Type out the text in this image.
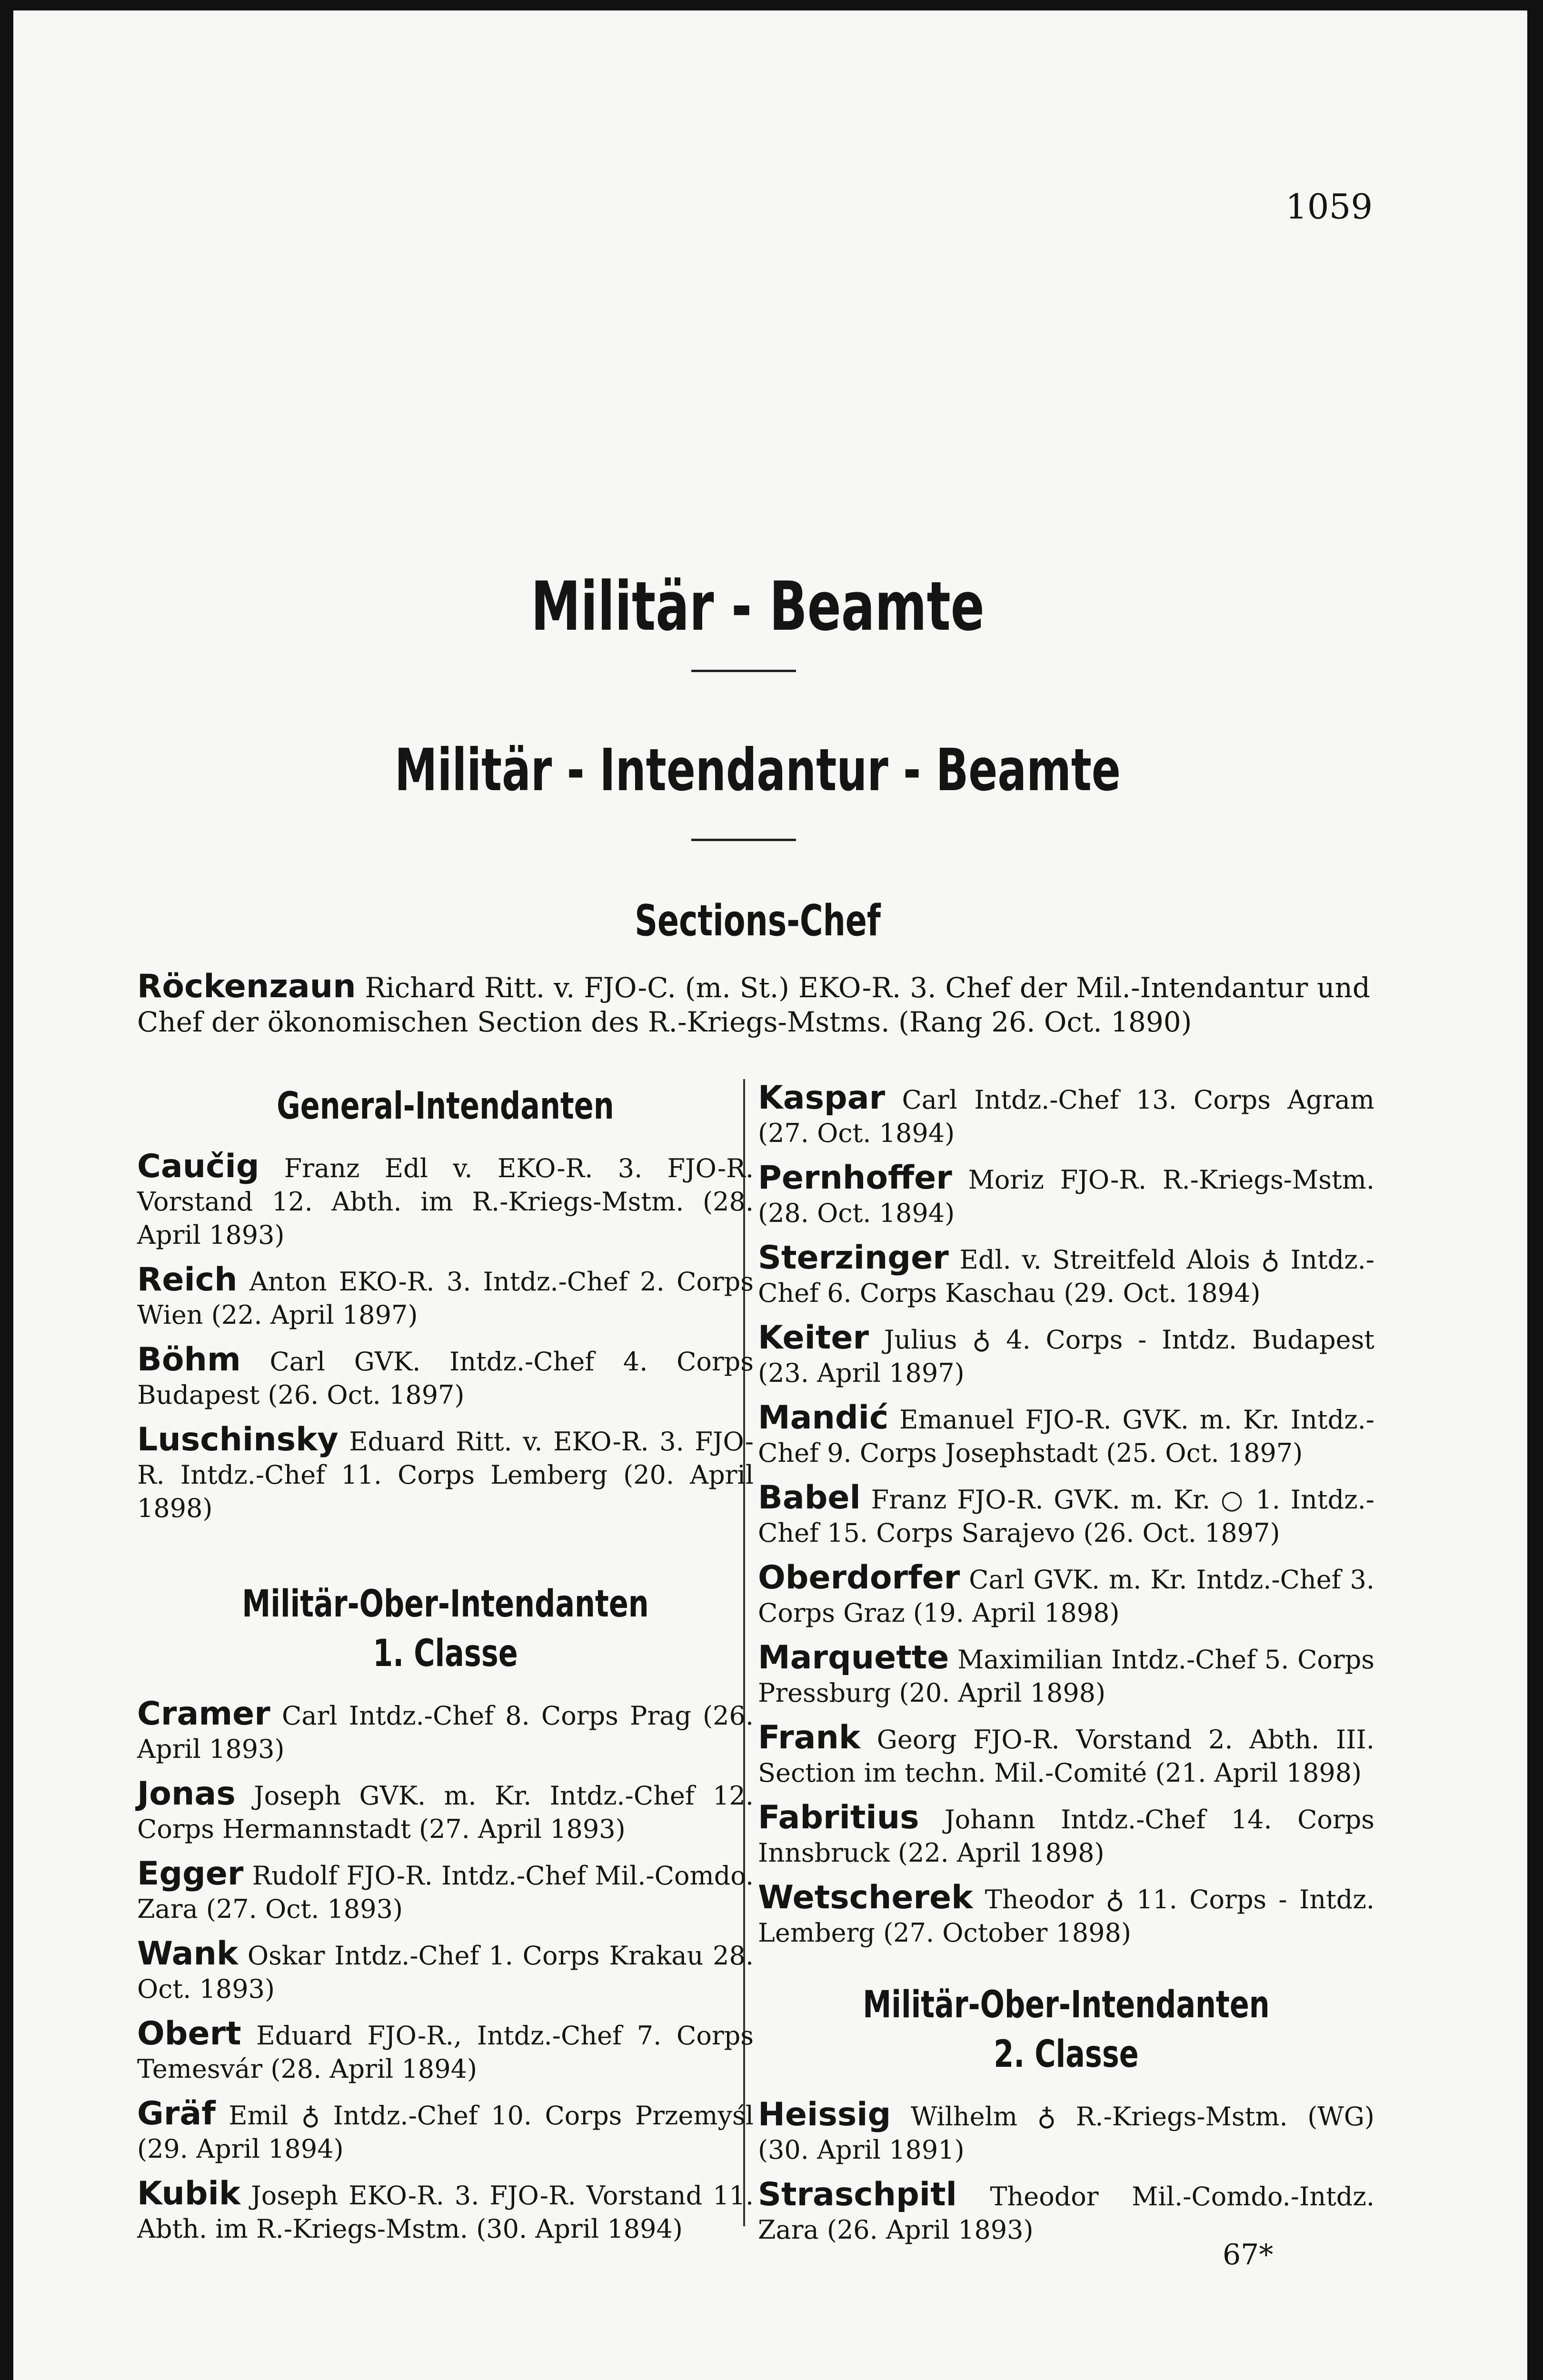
1059
Militär - Beamte
Militär - Intendantur - Beamte
Sections-Chef
Röckenzaun Richard Ritt. v. FJO-C. (m. St.) EKO-R. 3. Chef der Mil.-Intendantur und Chef der ökonomischen Section des R.-Kriegs-Mstms. (Rang 26. Oct. 1890)
General-Intendanten
Caučig Franz Edl v. EKO-R. 3. FJO-R. Vorstand 12. Abth. im R.-Kriegs-Mstm. (28. April 1893)
Reich Anton EKO-R. 3. Intdz.-Chef 2. Corps Wien (22. April 1897)
Böhm Carl GVK. Intdz.-Chef 4. Corps Budapest (26. Oct. 1897)
Luschinsky Eduard Ritt. v. EKO-R. 3. FJO-R. Intdz.-Chef 11. Corps Lemberg (20. April 1898)
Militär-Ober-Intendanten
1. Classe
Cramer Carl Intdz.-Chef 8. Corps Prag (26. April 1893)
Jonas Joseph GVK. m. Kr. Intdz.-Chef 12. Corps Hermannstadt (27. April 1893)
Egger Rudolf FJO-R. Intdz.-Chef Mil.-Comdo. Zara (27. Oct. 1893)
Wank Oskar Intdz.-Chef 1. Corps Krakau 28. Oct. 1893)
Obert Eduard FJO-R., Intdz.-Chef 7. Corps Temesvár (28. April 1894)
Gräf Emil ♁ Intdz.-Chef 10. Corps Przemyśl (29. April 1894)
Kubik Joseph EKO-R. 3. FJO-R. Vorstand 11. Abth. im R.-Kriegs-Mstm. (30. April 1894)
Kaspar Carl Intdz.-Chef 13. Corps Agram (27. Oct. 1894)
Pernhoffer Moriz FJO-R. R.-Kriegs-Mstm. (28. Oct. 1894)
Sterzinger Edl. v. Streitfeld Alois ♁ Intdz.-Chef 6. Corps Kaschau (29. Oct. 1894)
Keiter Julius ♁ 4. Corps - Intdz. Budapest (23. April 1897)
Mandić Emanuel FJO-R. GVK. m. Kr. Intdz.-Chef 9. Corps Josephstadt (25. Oct. 1897)
Babel Franz FJO-R. GVK. m. Kr. ○ 1. Intdz.-Chef 15. Corps Sarajevo (26. Oct. 1897)
Oberdorfer Carl GVK. m. Kr. Intdz.-Chef 3. Corps Graz (19. April 1898)
Marquette Maximilian Intdz.-Chef 5. Corps Pressburg (20. April 1898)
Frank Georg FJO-R. Vorstand 2. Abth. III. Section im techn. Mil.-Comité (21. April 1898)
Fabritius Johann Intdz.-Chef 14. Corps Innsbruck (22. April 1898)
Wetscherek Theodor ♁ 11. Corps - Intdz. Lemberg (27. October 1898)
Militär-Ober-Intendanten
2. Classe
Heissig Wilhelm ♁ R.-Kriegs-Mstm. (WG) (30. April 1891)
Straschpitl Theodor Mil.-Comdo.-Intdz. Zara (26. April 1893)
67*
